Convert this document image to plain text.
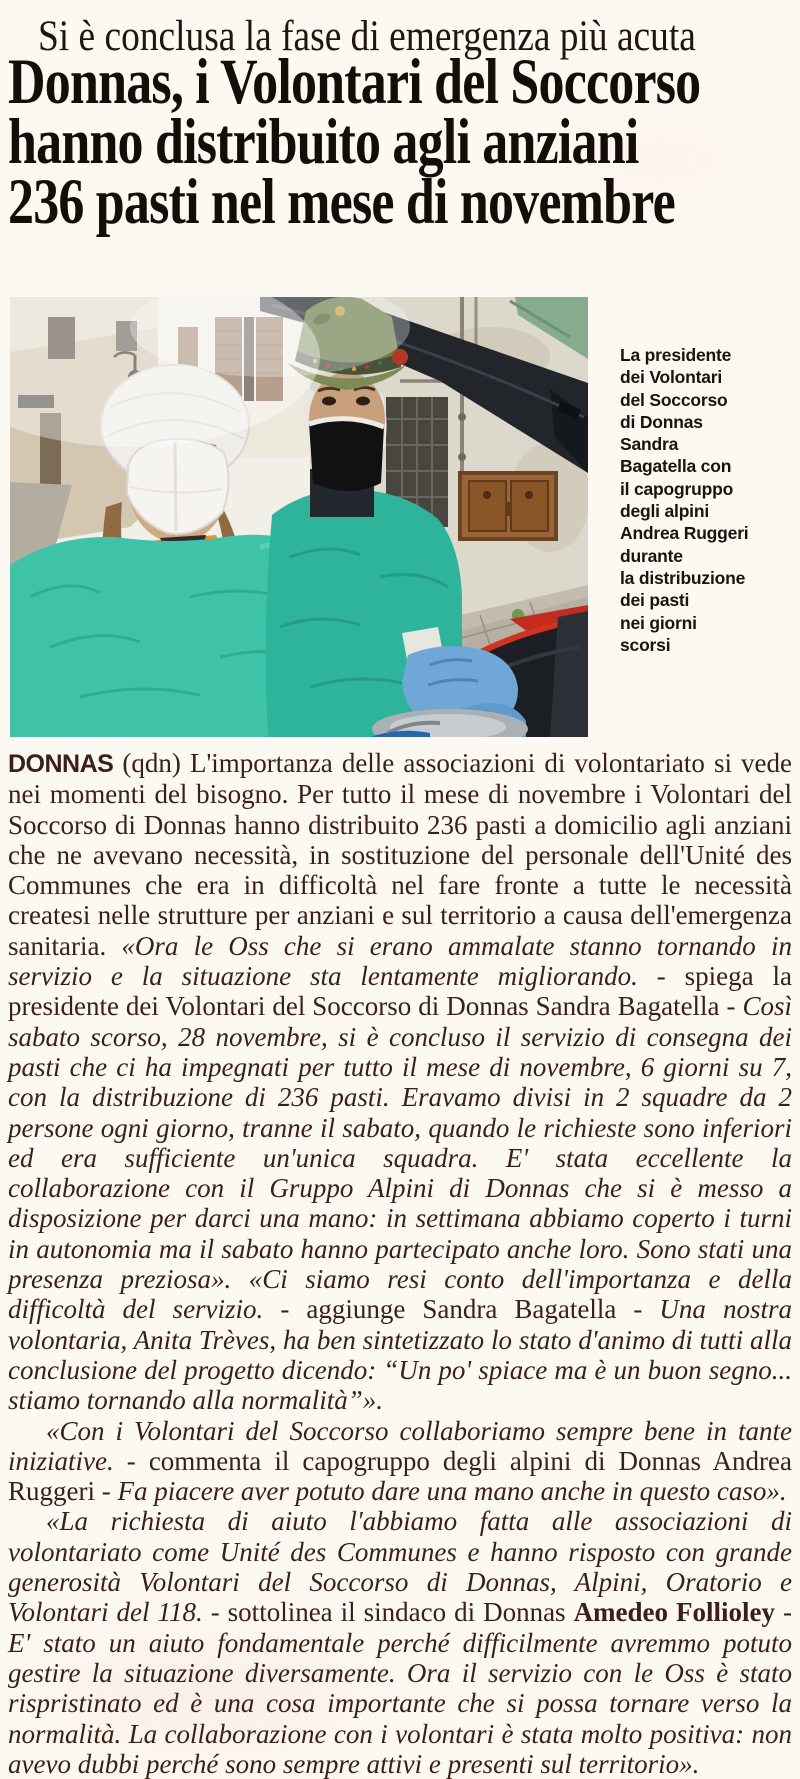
Si è conclusa la fase di emergenza più acuta
Donnas, i Volontari del Soccorso
hanno distribuito agli anziani
236 pasti nel mese di novembre
La presidente
dei Volontari
del Soccorso
di Donnas
Sandra
Bagatella con
il capogruppo
degli alpini
Andrea Ruggeri
durante
la distribuzione
dei pasti
nei giorni
scorsi

DONNAS (qdn) L'importanza delle associazioni di volontariato si vede nei momenti del bisogno. Per tutto il mese di novembre i Volontari del Soccorso di Donnas hanno distribuito 236 pasti a domicilio agli anziani che ne avevano necessità, in sostituzione del personale dell'Unité des Communes che era in difficoltà nel fare fronte a tutte le necessità createsi nelle strutture per anziani e sul territorio a causa dell'emergenza sanitaria. «Ora le Oss che si erano ammalate stanno tornando in servizio e la situazione sta lentamente migliorando. - spiega la presidente dei Volontari del Soccorso di Donnas Sandra Bagatella - Così sabato scorso, 28 novembre, si è concluso il servizio di consegna dei pasti che ci ha impegnati per tutto il mese di novembre, 6 giorni su 7, con la distribuzione di 236 pasti. Eravamo divisi in 2 squadre da 2 persone ogni giorno, tranne il sabato, quando le richieste sono inferiori ed era sufficiente un'unica squadra. E' stata eccellente la collaborazione con il Gruppo Alpini di Donnas che si è messo a disposizione per darci una mano: in settimana abbiamo coperto i turni in autonomia ma il sabato hanno partecipato anche loro. Sono stati una presenza preziosa». «Ci siamo resi conto dell'importanza e della difficoltà del servizio. - aggiunge Sandra Bagatella - Una nostra volontaria, Anita Trèves, ha ben sintetizzato lo stato d'animo di tutti alla conclusione del progetto dicendo: “Un po' spiace ma è un buon segno... stiamo tornando alla normalità”».

«Con i Volontari del Soccorso collaboriamo sempre bene in tante iniziative. - commenta il capogruppo degli alpini di Donnas Andrea Ruggeri - Fa piacere aver potuto dare una mano anche in questo caso».

«La richiesta di aiuto l'abbiamo fatta alle associazioni di volontariato come Unité des Communes e hanno risposto con grande generosità Volontari del Soccorso di Donnas, Alpini, Oratorio e Volontari del 118. - sottolinea il sindaco di Donnas Amedeo Follioley - E' stato un aiuto fondamentale perché difficilmente avremmo potuto gestire la situazione diversamente. Ora il servizio con le Oss è stato rispristinato ed è una cosa importante che si possa tornare verso la normalità. La collaborazione con i volontari è stata molto positiva: non avevo dubbi perché sono sempre attivi e presenti sul territorio».
